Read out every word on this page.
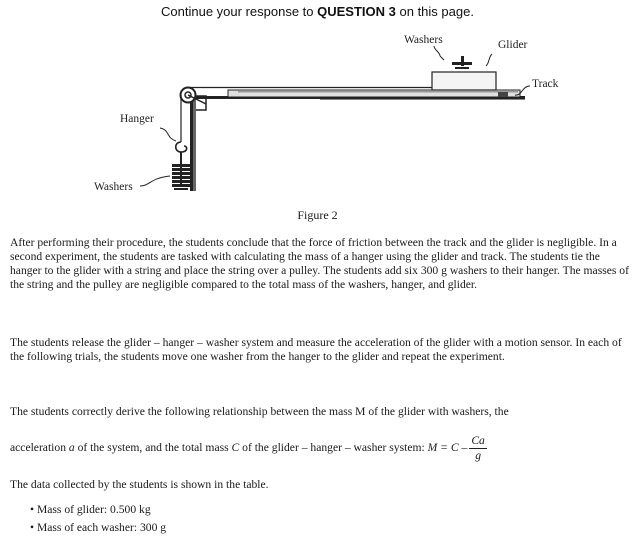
Continue your response to QUESTION 3 on this page.
Washers	Glider
Track
Hanger
Washers
Figure 2
After performing their procedure, the students conclude that the force of friction between the track and the glider is negligible. In a second experiment, the students are tasked with calculating the mass of a hanger using the glider and track. The students tie the hanger to the glider with a string and place the string over a pulley. The students add six 300 g washers to their hanger. The masses of the string and the pulley are negligible compared to the total mass of the washers, hanger, and glider.
The students release the glider – hanger – washer system and measure the acceleration of the glider with a motion sensor. In each of the following trials, the students move one washer from the hanger to the glider and repeat the experiment.
The students correctly derive the following relationship between the mass M of the glider with washers, the
acceleration a of the system, and the total mass C of the glider – hanger – washer system: $M = C - \frac{Ca}{g}$
The data collected by the students is shown in the table.
• Mass of glider: 0.500 kg
• Mass of each washer: 300 g
